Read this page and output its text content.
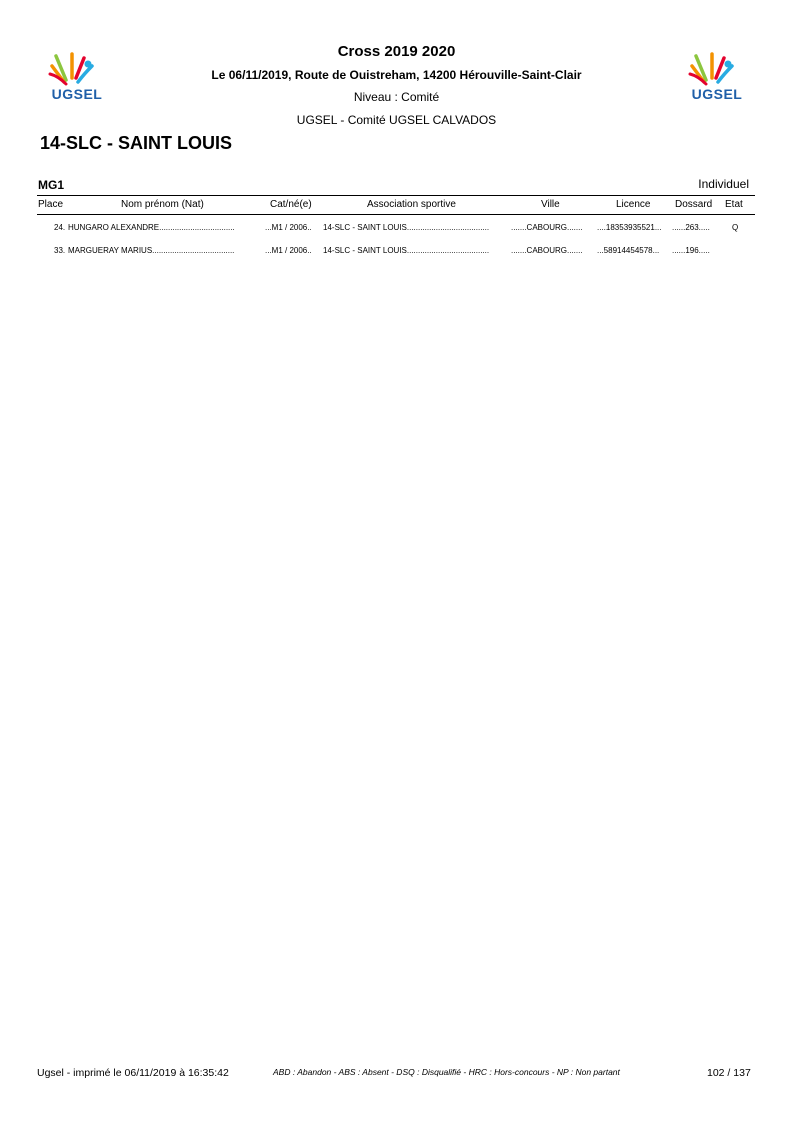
UGSEL	UGSEL
Cross 2019 2020
Le 06/11/2019, Route de Ouistreham, 14200 Hérouville-Saint-Clair
Niveau : Comité
UGSEL - Comité UGSEL CALVADOS
14-SLC - SAINT LOUIS
MG1	Individuel
Place	Nom prénom (Nat)	Cat/né(e)	Association sportive	Ville	Licence Dossard Etat
24. HUNGARO ALEXANDRE..................................	...M1 / 2006.. 14-SLC - SAINT LOUIS.....................................	.......CABOURG....... ....18353935521... ......263.....	Q
33. MARGUERAY MARIUS.....................................	...M1 / 2006.. 14-SLC - SAINT LOUIS.....................................	.......CABOURG....... ...58914454578... ......196.....
Ugsel - imprimé le 06/11/2019 à 16:35:42	ABD : Abandon - ABS : Absent - DSQ : Disqualifié - HRC : Hors-concours - NP : Non partant	102 / 137
